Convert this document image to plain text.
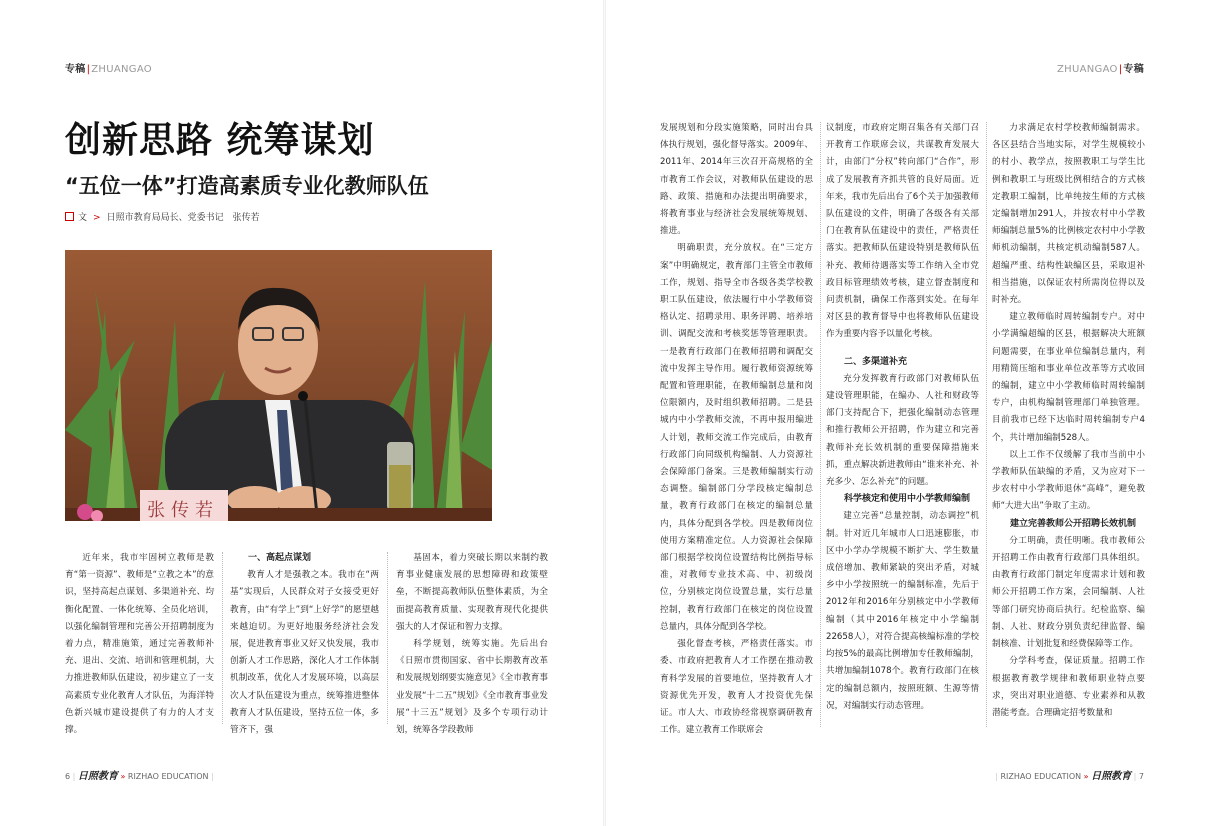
专稿|ZHUANGAO	ZHUANGAO|专稿
创新思路 统筹谋划
“五位一体”打造高素质专业化教师队伍
文 > 日照市教育局局长、党委书记　张传若
张传若

近年来，我市牢固树立教师是教育“第一资源”、教师是“立教之本”的意识，坚持高起点谋划、多渠道补充、均衡化配置、一体化统筹、全员化培训，以强化编制管理和完善公开招聘制度为着力点，精准施策，通过完善教师补充、退出、交流、培训和管理机制，大力推进教师队伍建设，初步建立了一支高素质专业化教育人才队伍，为海洋特色新兴城市建设提供了有力的人才支撑。

一、高起点谋划

教育人才是强教之本。我市在“两基”实现后，人民群众对子女接受更好教育，由“有学上”到“上好学”的愿望越来越迫切。为更好地服务经济社会发展，促进教育事业又好又快发展，我市创新人才工作思路，深化人才工作体制机制改革，优化人才发展环境，以高层次人才队伍建设为重点，统筹推进整体教育人才队伍建设，坚持五位一体，多管齐下，强

基固本，着力突破长期以来制约教育事业健康发展的思想障碍和政策壁垒，不断提高教师队伍整体素质，为全面提高教育质量、实现教育现代化提供强大的人才保证和智力支撑。

科学规划，统筹实施。先后出台《日照市贯彻国家、省中长期教育改革和发展规划纲要实施意见》《全市教育事业发展“十二五”规划》《全市教育事业发展“十三五”规划》及多个专项行动计划，统筹各学段教师

发展规划和分段实施策略，同时出台具体执行规划，强化督导落实。2009年、2011年、2014年三次召开高规格的全市教育工作会议，对教师队伍建设的思路、政策、措施和办法提出明确要求，将教育事业与经济社会发展统筹规划、推进。

明确职责，充分放权。在“三定方案”中明确规定，教育部门主管全市教师工作，规划、指导全市各级各类学校教职工队伍建设，依法履行中小学教师资格认定、招聘录用、职务评聘、培养培训、调配交流和考核奖惩等管理职责。一是教育行政部门在教师招聘和调配交流中发挥主导作用。履行教师资源统筹配置和管理职能，在教师编制总量和岗位限额内，及时组织教师招聘。二是县城内中小学教师交流，不再申报用编进人计划，教师交流工作完成后，由教育行政部门向同级机构编制、人力资源社会保障部门备案。三是教师编制实行动态调整。编制部门分学段核定编制总量，教育行政部门在核定的编制总量内，具体分配到各学校。四是教师岗位使用方案精准定位。人力资源社会保障部门根据学校岗位设置结构比例指导标准，对教师专业技术高、中、初级岗位，分别核定岗位设置总量，实行总量控制，教育行政部门在核定的岗位设置总量内，具体分配到各学校。

强化督查考核，严格责任落实。市委、市政府把教育人才工作摆在推动教育科学发展的首要地位，坚持教育人才资源优先开发，教育人才投资优先保证。市人大、市政协经常视察调研教育工作。建立教育工作联席会

议制度，市政府定期召集各有关部门召开教育工作联席会议，共谋教育发展大计，由部门“分权”转向部门“合作”，形成了发展教育齐抓共管的良好局面。近年来，我市先后出台了6个关于加强教师队伍建设的文件，明确了各级各有关部门在教育队伍建设中的责任，严格责任落实。把教师队伍建设特别是教师队伍补充、教师待遇落实等工作纳入全市党政目标管理绩效考核，建立督查制度和问责机制，确保工作落到实处。在每年对区县的教育督导中也将教师队伍建设作为重要内容予以量化考核。

二、多渠道补充

充分发挥教育行政部门对教师队伍建设管理职能，在编办、人社和财政等部门支持配合下，把强化编制动态管理和推行教师公开招聘，作为建立和完善教师补充长效机制的重要保障措施来抓，重点解决新进教师由“谁来补充、补充多少、怎么补充”的问题。

科学核定和使用中小学教师编制

建立完善“总量控制，动态调控”机制。针对近几年城市人口迅速膨胀，市区中小学办学规模不断扩大、学生数量成倍增加、教师紧缺的突出矛盾，对城乡中小学按照统一的编制标准，先后于2012年和2016年分别核定中小学教师编制（其中2016年核定中小学编制22658人），对符合提高核编标准的学校均按5%的最高比例增加专任教师编制，共增加编制1078个。教育行政部门在核定的编制总额内，按照班额、生源等情况，对编制实行动态管理。

力求满足农村学校教师编制需求。各区县结合当地实际，对学生规模较小的村小、教学点，按照教职工与学生比例和教职工与班级比例相结合的方式核定教职工编制，比单纯按生师的方式核定编制增加291人，并按农村中小学教师编制总量5%的比例核定农村中小学教师机动编制，共核定机动编制587人。超编严重、结构性缺编区县，采取退补相当措施，以保证农村所需岗位得以及时补充。

建立教师临时周转编制专户。对中小学满编超编的区县，根据解决大班额问题需要，在事业单位编制总量内，利用精简压缩和事业单位改革等方式收回的编制，建立中小学教师临时周转编制专户，由机构编制管理部门单独管理。目前我市已经下达临时周转编制专户4个，共计增加编制528人。

以上工作不仅缓解了我市当前中小学教师队伍缺编的矛盾，又为应对下一步农村中小学教师退休“高峰”，避免教师“大进大出”争取了主动。

建立完善教师公开招聘长效机制

分工明确，责任明晰。我市教师公开招聘工作由教育行政部门具体组织。由教育行政部门制定年度需求计划和教师公开招聘工作方案，会同编制、人社等部门研究协商后执行。纪检监察、编制、人社、财政分别负责纪律监督、编制核准、计划批复和经费保障等工作。

分学科考查，保证质量。招聘工作根据教育教学规律和教师职业特点要求，突出对职业道德、专业素养和从教潜能考查。合理确定招考数量和

6 | 日照教育 » RIZHAO EDUCATION |	| RIZHAO EDUCATION » 日照教育 | 7
